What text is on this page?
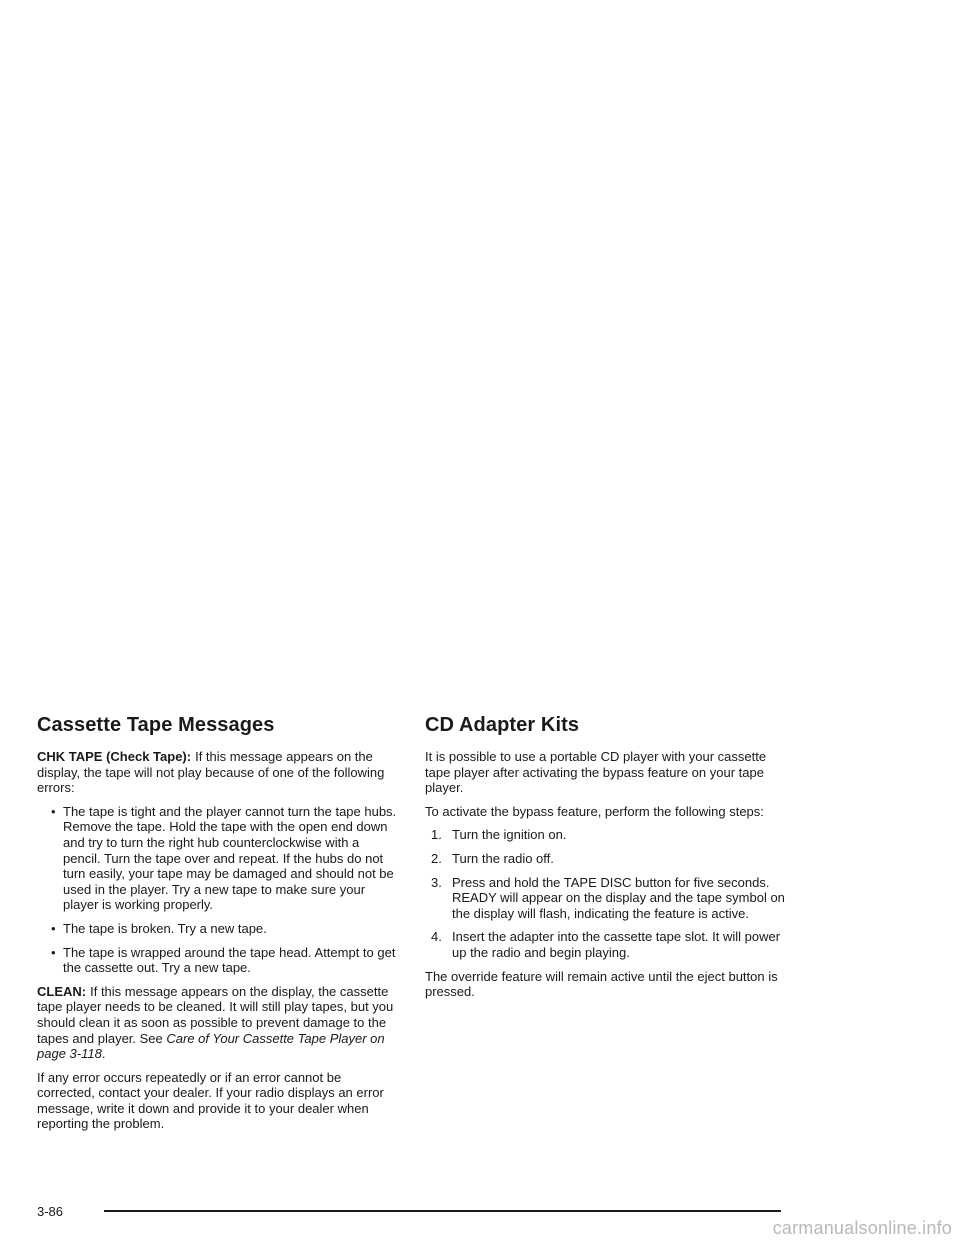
Cassette Tape Messages

CHK TAPE (Check Tape): If this message appears on the display, the tape will not play because of one of the following errors:

• The tape is tight and the player cannot turn the tape hubs. Remove the tape. Hold the tape with the open end down and try to turn the right hub counterclockwise with a pencil. Turn the tape over and repeat. If the hubs do not turn easily, your tape may be damaged and should not be used in the player. Try a new tape to make sure your player is working properly.
• The tape is broken. Try a new tape.
• The tape is wrapped around the tape head. Attempt to get the cassette out. Try a new tape.

CLEAN: If this message appears on the display, the cassette tape player needs to be cleaned. It will still play tapes, but you should clean it as soon as possible to prevent damage to the tapes and player. See Care of Your Cassette Tape Player on page 3-118.

If any error occurs repeatedly or if an error cannot be corrected, contact your dealer. If your radio displays an error message, write it down and provide it to your dealer when reporting the problem.

CD Adapter Kits

It is possible to use a portable CD player with your cassette tape player after activating the bypass feature on your tape player.

To activate the bypass feature, perform the following steps:

1. Turn the ignition on.
2. Turn the radio off.
3. Press and hold the TAPE DISC button for five seconds. READY will appear on the display and the tape symbol on the display will flash, indicating the feature is active.
4. Insert the adapter into the cassette tape slot. It will power up the radio and begin playing.

The override feature will remain active until the eject button is pressed.

3-86
carmanualsonline.info
